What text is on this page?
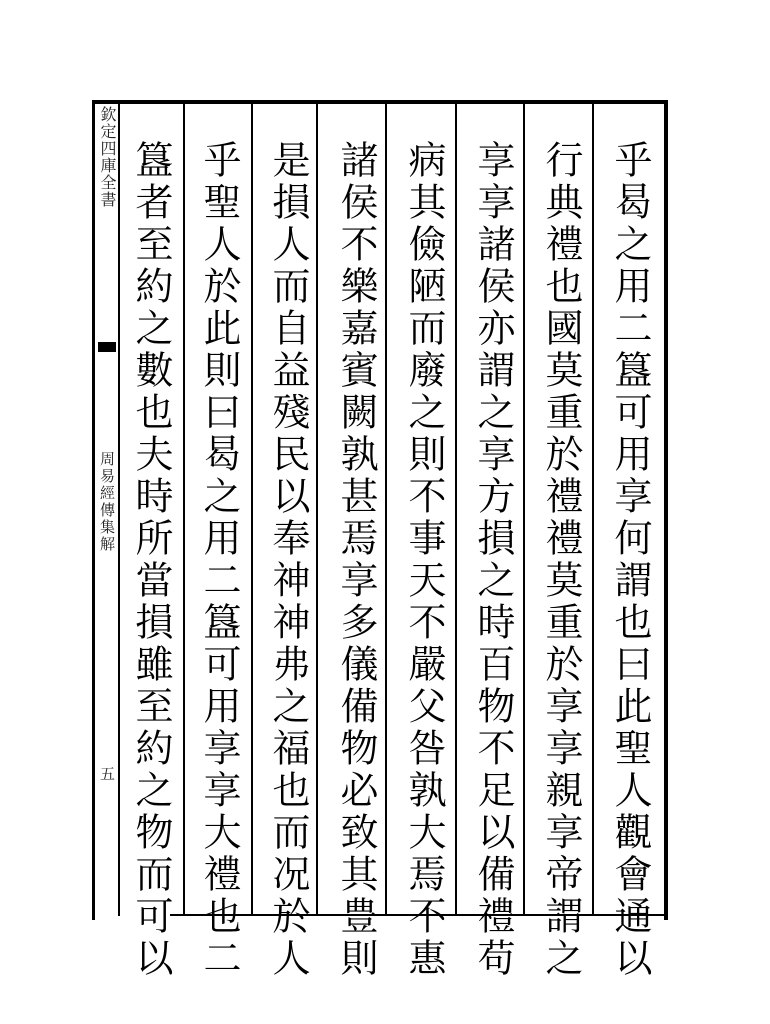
欽定四庫全書
周易經傳集解
五	乎曷之用二簋可用享何謂也曰此聖人觀會通以
行典禮也國莫重於禮禮莫重於享享親享帝謂之
享享諸侯亦謂之享方損之時百物不足以備禮苟
病其儉陋而廢之則不事天不嚴父咎孰大焉不惠
諸侯不樂嘉賓闕孰甚焉享多儀備物必致其豊則
是損人而自益殘民以奉神神弗之福也而况於人
乎聖人於此則曰曷之用二簋可用享享大禮也二
簋者至約之數也夫時所當損雖至約之物而可以
